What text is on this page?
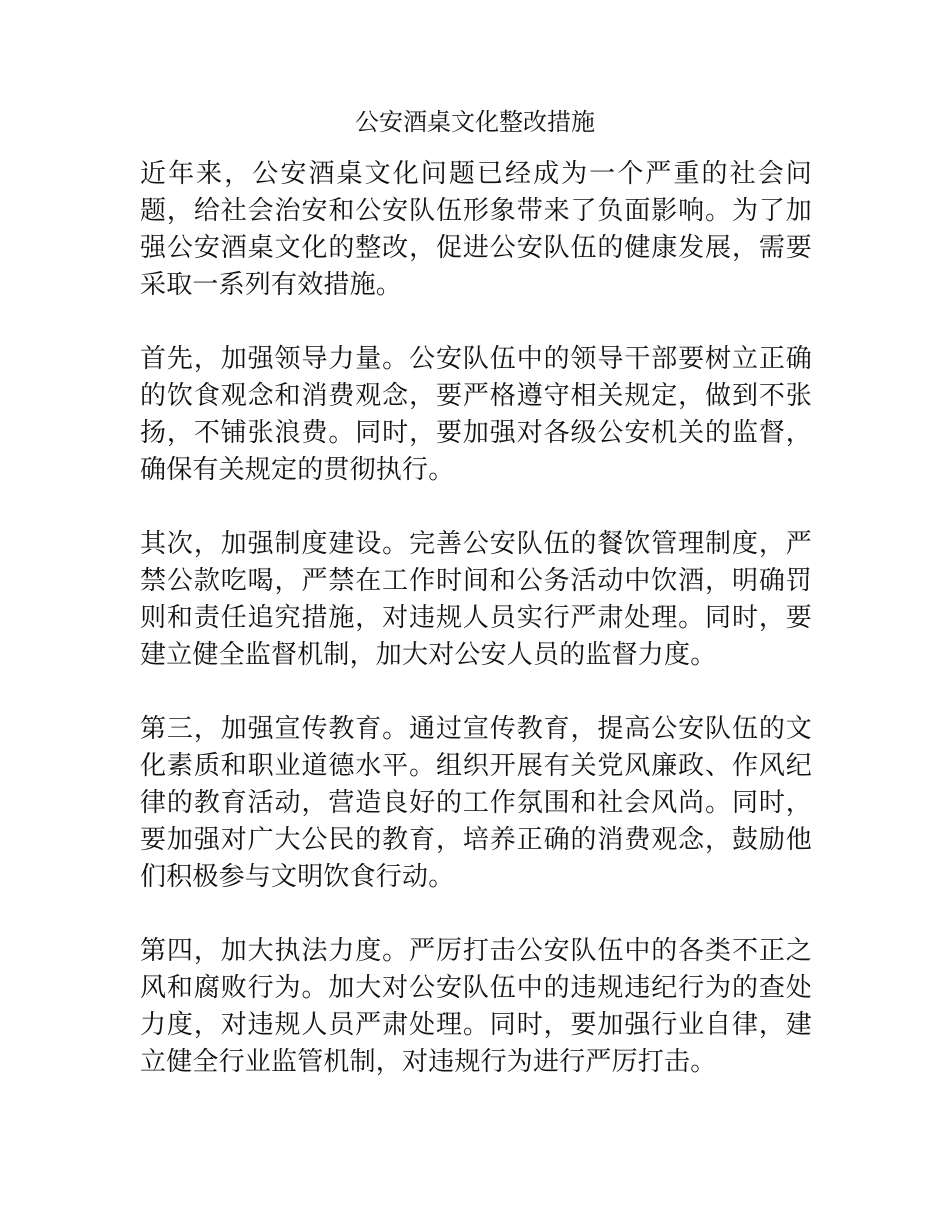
公安酒桌文化整改措施

近年来，公安酒桌文化问题已经成为一个严重的社会问题，给社会治安和公安队伍形象带来了负面影响。为了加强公安酒桌文化的整改，促进公安队伍的健康发展，需要采取一系列有效措施。

首先，加强领导力量。公安队伍中的领导干部要树立正确的饮食观念和消费观念，要严格遵守相关规定，做到不张扬，不铺张浪费。同时，要加强对各级公安机关的监督，确保有关规定的贯彻执行。

其次，加强制度建设。完善公安队伍的餐饮管理制度，严禁公款吃喝，严禁在工作时间和公务活动中饮酒，明确罚则和责任追究措施，对违规人员实行严肃处理。同时，要建立健全监督机制，加大对公安人员的监督力度。

第三，加强宣传教育。通过宣传教育，提高公安队伍的文化素质和职业道德水平。组织开展有关党风廉政、作风纪律的教育活动，营造良好的工作氛围和社会风尚。同时，要加强对广大公民的教育，培养正确的消费观念，鼓励他们积极参与文明饮食行动。

第四，加大执法力度。严厉打击公安队伍中的各类不正之风和腐败行为。加大对公安队伍中的违规违纪行为的查处力度，对违规人员严肃处理。同时，要加强行业自律，建立健全行业监管机制，对违规行为进行严厉打击。
